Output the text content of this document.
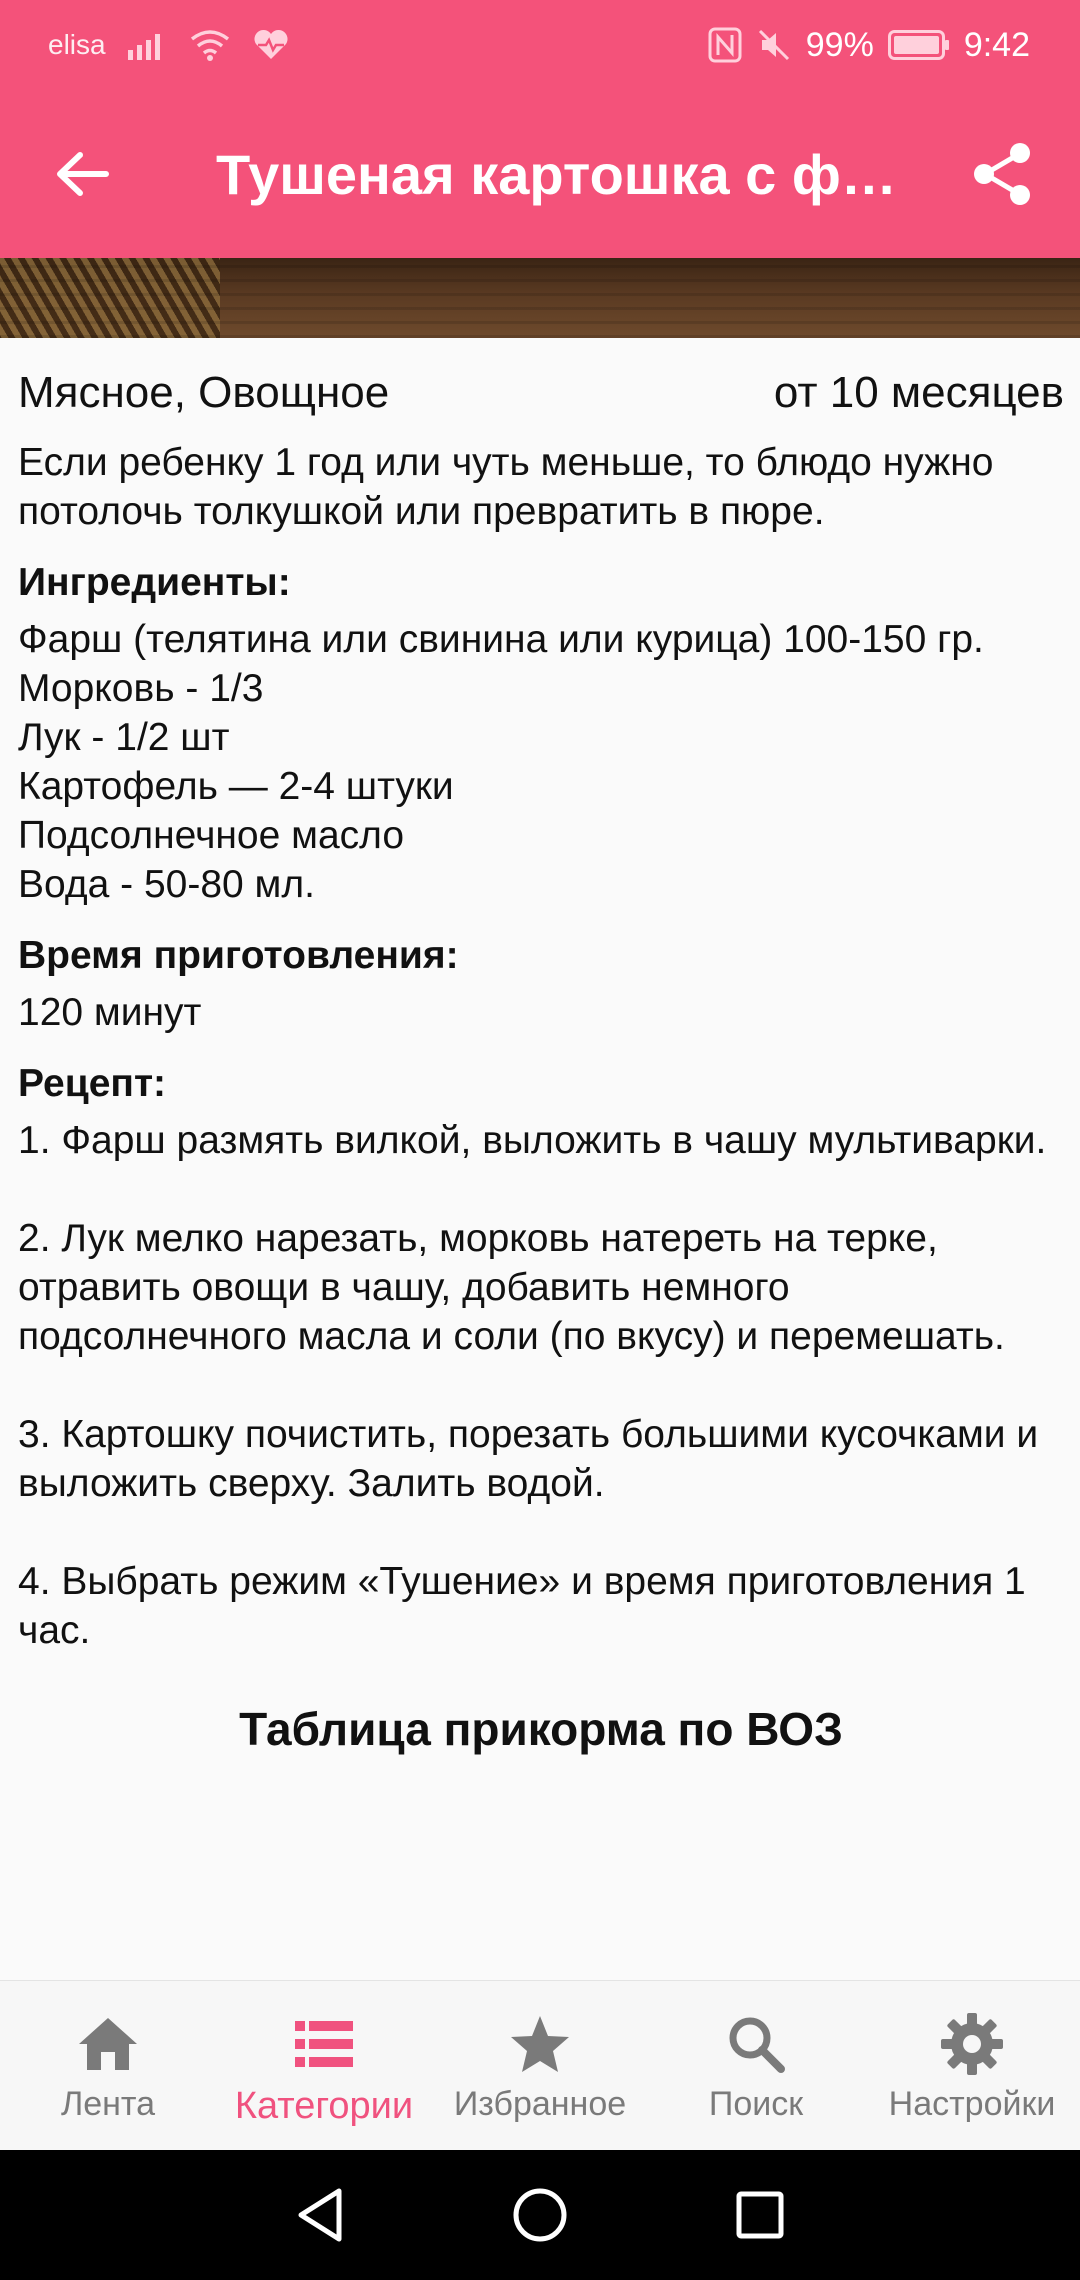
elisa	99%	9:42
Тушеная картошка с ф…
Мясное, Овощное	от 10 месяцев
Если ребенку 1 год или чуть меньше, то блюдо нужно потолочь толкушкой или превратить в пюре.
Ингредиенты:
Фарш (телятина или свинина или курица) 100-150 гр.
Морковь - 1/3
Лук - 1/2 шт
Картофель — 2-4 штуки
Подсолнечное масло
Вода - 50-80 мл.
Время приготовления:
120 минут
Рецепт:
1. Фарш размять вилкой, выложить в чашу мультиварки.
2. Лук мелко нарезать, морковь натереть на терке, отравить овощи в чашу, добавить немного подсолнечного масла и соли (по вкусу) и перемешать.
3. Картошку почистить, порезать большими кусочками и выложить сверху. Залить водой.
4. Выбрать режим «Тушение» и время приготовления 1 час.
Таблица прикорма по ВОЗ
Лента Категории Избранное Поиск	Настройки
